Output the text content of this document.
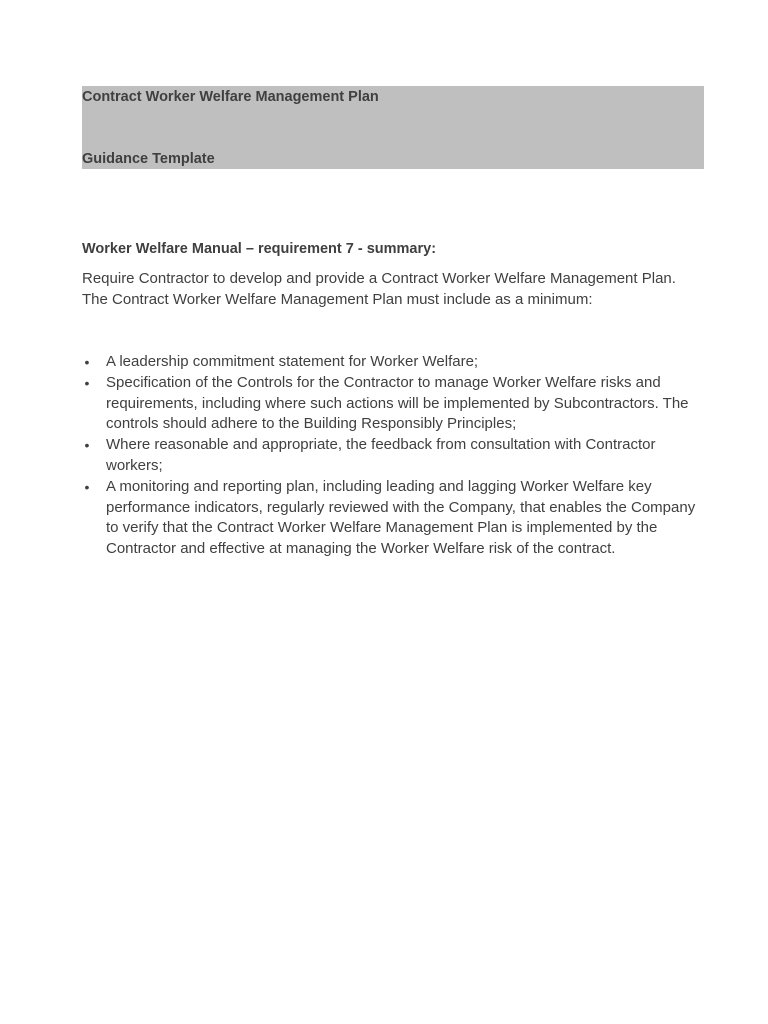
Contract Worker Welfare Management Plan
Guidance Template
Worker Welfare Manual – requirement 7 - summary:

Require Contractor to develop and provide a Contract Worker Welfare Management Plan.

The Contract Worker Welfare Management Plan must include as a minimum:

• A leadership commitment statement for Worker Welfare;
• Specification of the Controls for the Contractor to manage Worker Welfare risks and requirements, including where such actions will be implemented by Subcontractors. The controls should adhere to the Building Responsibly Principles;
• Where reasonable and appropriate, the feedback from consultation with Contractor workers;
• A monitoring and reporting plan, including leading and lagging Worker Welfare key performance indicators, regularly reviewed with the Company, that enables the Company to verify that the Contract Worker Welfare Management Plan is implemented by the Contractor and effective at managing the Worker Welfare risk of the contract.
